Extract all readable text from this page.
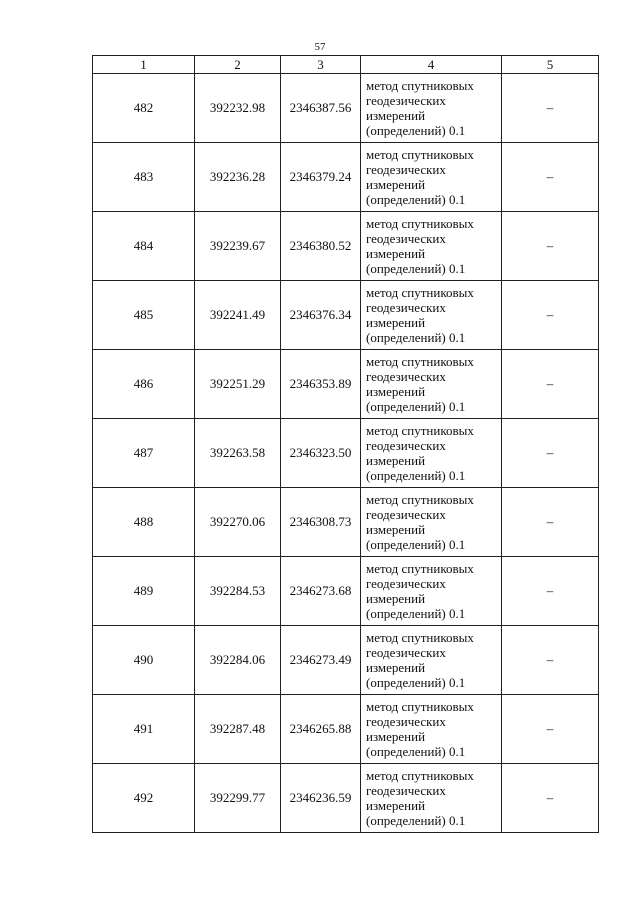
57
1	2	3	4	5
482	392232.98	2346387.56	метод спутниковых
геодезических
измерений
(определений) 0.1	–
483	392236.28	2346379.24	метод спутниковых
геодезических
измерений
(определений) 0.1	–
484	392239.67	2346380.52	метод спутниковых
геодезических
измерений
(определений) 0.1	–
485	392241.49	2346376.34	метод спутниковых
геодезических
измерений
(определений) 0.1	–
486	392251.29	2346353.89	метод спутниковых
геодезических
измерений
(определений) 0.1	–
487	392263.58	2346323.50	метод спутниковых
геодезических
измерений
(определений) 0.1	–
488	392270.06	2346308.73	метод спутниковых
геодезических
измерений
(определений) 0.1	–
489	392284.53	2346273.68	метод спутниковых
геодезических
измерений
(определений) 0.1	–
490	392284.06	2346273.49	метод спутниковых
геодезических
измерений
(определений) 0.1	–
491	392287.48	2346265.88	метод спутниковых
геодезических
измерений
(определений) 0.1	–
492	392299.77	2346236.59	метод спутниковых
геодезических
измерений
(определений) 0.1	–
